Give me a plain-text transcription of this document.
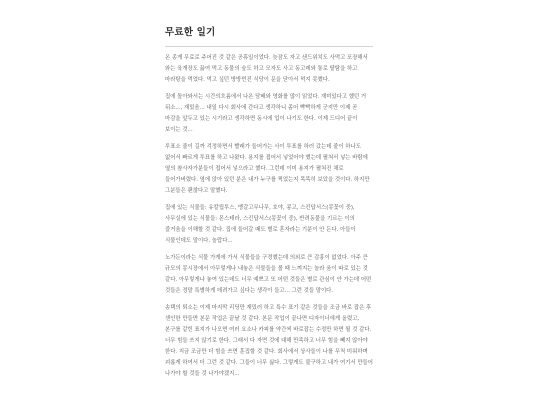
무료한 일기

온 종게 무료로 주어진 것 같은 공휴일이었다. 늦잠도 자고 샌드위치도 사먹고 포장해서 와는 육개장도 끓여 먹고 동물의 숲도 하고 모자도 사고 동고레와 통로 탈탐을 하고 마라탕을 먹었다. 먹고 싶던 방방먼진 식당이 문을 닫아서 먹지 못했다.

집에 돌아와서는 시간의흐름에서 나온 담배와 영화를 많이 읽었다. 재미있다고 했던 거 뒤소..., 재밌음... 내일 다시 회사에 간다고 생각하니 좀어 빡빡하게 군지만 이제 곧 마감을 앞두고 있는 시기라고 생각하면 동시에 업이 나기도 한다. 이제 드디어 끝이 보이는 것...

투표소 줄이 길까 걱정하면서 빨래가 들어가는 사이 투표를 하러 갔는데 줄이 하나도 없어서 빠르게 투표를 하고 나왔다. 용지를 접어서 넣었어야 했는데 펼쳐서 넣는 바람에 옆의 참사자가분들이 접어서 넣으라고 했다. 그런데 이미 용지가 펼쳐진 채로 들어가버렸다. 옆에 앉아 있던 분은 내가 누구를 찍었는지 똑똑히 보았을 것이다. 하지만 그분들은 괜찮다고 말했다.

집에 있는 식물들: 유칼립투스, 뱅갈고무나무, 호야, 콩고, 스킨답서스(몽꽃이 중), 사무실에 있는 식물들: 몬스테라, 스킨답서스(몽꽃이 중), 반려동물을 기르는 이의 즐거움을 이해할 것 같다. 집에 들어갈 때도 별로 혼자라는 기분이 안 든다. 아들이 식물인데도 말이다. 놀랍다...

노가든이라는 식물 가게에 가서 식물들을 구경했는데 의외로 큰 감흥이 없었다. 아주 큰 규모의 몽시장에서 아무렇게나 내놓은 식물들을 볼 때 느껴지는 놀라 움이 따로 있는 것 같다. 아무렇게나 놓여 있는데도 너무 예쁘고 또 어떤 것들은 별로 관심이 안 가는데 어떤 것들은 정말 특별하게 데려가고 싶다는 생각이 들고... 그런 것들 말이다.

송택의 퇴소는 이제 마지막 리딩만 재밌러 하고 특수 표기 같은 것들을 조금 바로 잡은 후 센인한 만들면 본문 작업은 끝날 것 같다. 본문 작업이 끝나면 디자이너에게 올렸고, 본구를 같힌 표지가 나오면 여러 요소나 카피를 약간씩 바로잡는 수정만 하면 될 것 같다. 너무 힘들 쓰지 않기로 한다. 그래서 다 자면 것에 대해 만족하고 너무 힘을 빼지 않아야 한다. 지금 조금만 더 힘을 쓰면 훈집할 것 같다. 회사에서 상사들이 나를 무척 미워하며 괴롭게 하여서 더 그런 것 같다. 그들이 너무 싫다. 그렇게도 불구하고 내가 여기서 만들어 나가야 할 것들 것 나가야겠지...
